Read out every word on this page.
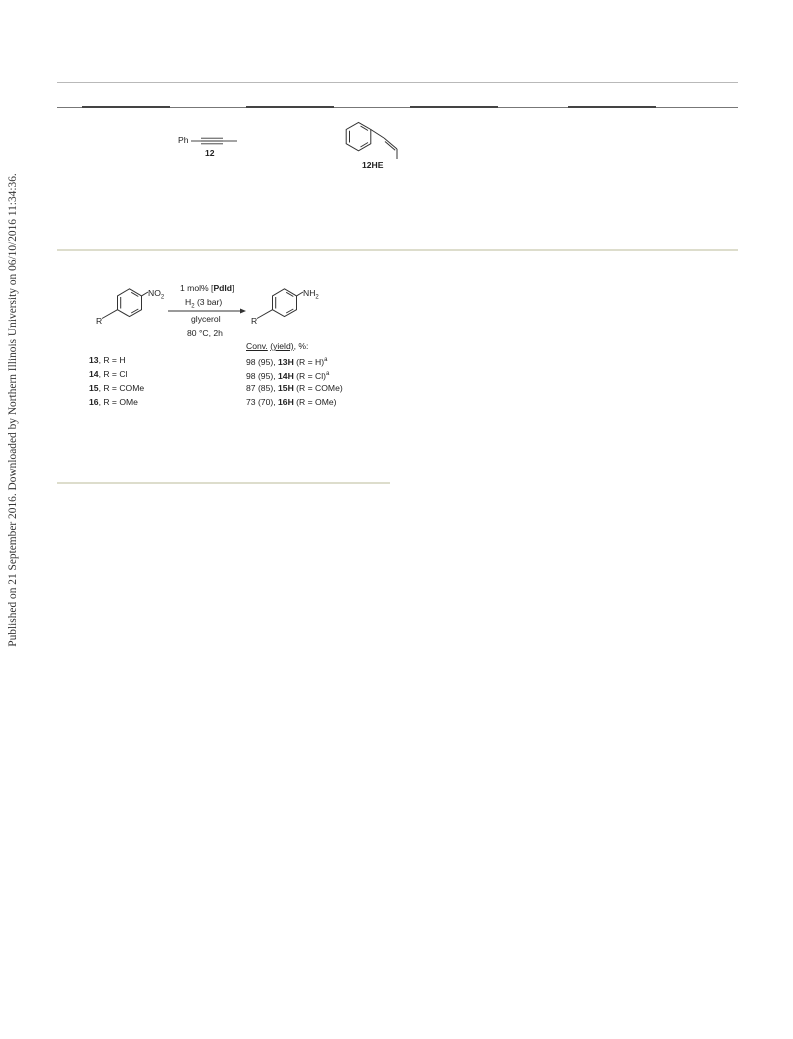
Published on 21 September 2016. Downloaded by Northern Illinois University on 06/10/2016 11:34:36.
Ph
12
12HE
$NO_2$
R
1 mol% [PdId]
$H_2$ (3 bar)
glycerol
80 °C, 2h
$NH_2$
R
13, R = H
14, R = Cl
15, R = COMe
16, R = OMe
Conv. (yield), %:
98 (95), 13H (R = H)$^a$
98 (95), 14H (R = Cl)$^a$
87 (85), 15H (R = COMe)
73 (70), 16H (R = OMe)
